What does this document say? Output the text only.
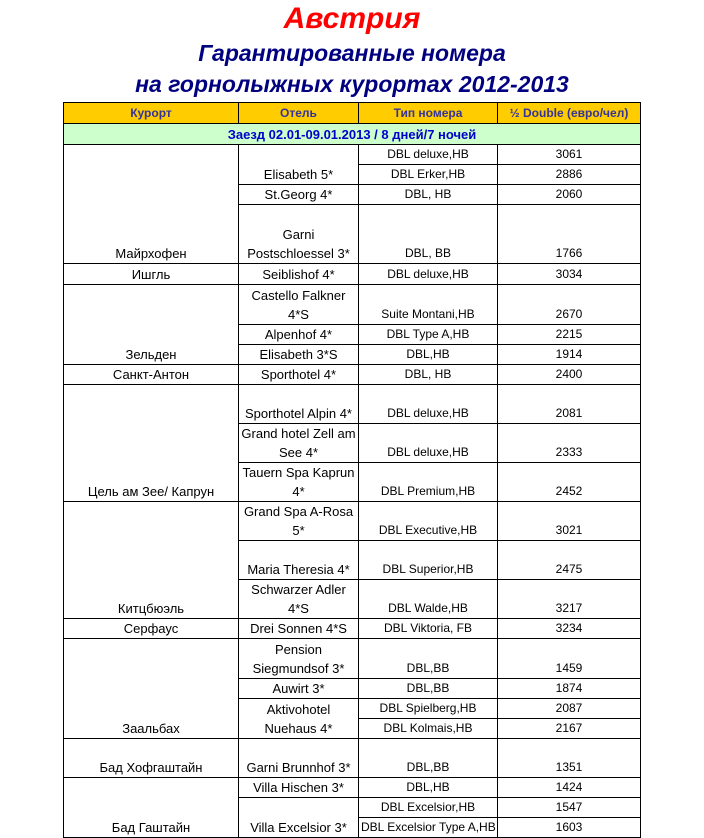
Австрия
Гарантированные номера
на горнолыжных курортах 2012-2013
Курорт	Отель	Тип номера	½ Double (евро/чел)
Заезд 02.01-09.01.2013 / 8 дней/7 ночей			
Майрхофен	Elisabeth 5*	DBL deluxe,HB	3061
		DBL Erker,HB	2886
	St.Georg 4*	DBL, HB	2060
	Garni Postschloessel 3*	DBL, BB	1766
Ишгль	Seiblishof 4*	DBL deluxe,HB	3034
Зельден	Castello Falkner 4*S	Suite Montani,HB	2670
	Alpenhof 4*	DBL Type A,HB	2215
	Elisabeth 3*S	DBL,HB	1914
Санкт-Антон	Sporthotel 4*	DBL, HB	2400
Цель ам Зее/ Капрун	Sporthotel Alpin 4*	DBL deluxe,HB	2081
	Grand hotel Zell am See 4*	DBL deluxe,HB	2333
	Tauern Spa Kaprun 4*	DBL Premium,HB	2452
Китцбюэль	Grand Spa A-Rosa 5*	DBL Executive,HB	3021
	Maria Theresia 4*	DBL Superior,HB	2475
	Schwarzer Adler 4*S	DBL Walde,HB	3217
Серфаус	Drei Sonnen 4*S	DBL Viktoria, FB	3234
Заальбах	Pension Siegmundsof 3*	DBL,BB	1459
	Auwirt 3*	DBL,BB	1874
	Aktivohotel Nuehaus 4*	DBL Spielberg,HB	2087
		DBL Kolmais,HB	2167
Бад Хофгаштайн	Garni Brunnhof 3*	DBL,BB	1351
Бад Гаштайн	Villa Hischen 3*	DBL,HB	1424
	Villa Excelsior 3*	DBL Excelsior,HB	1547
		DBL Excelsior Type A,HB	1603
